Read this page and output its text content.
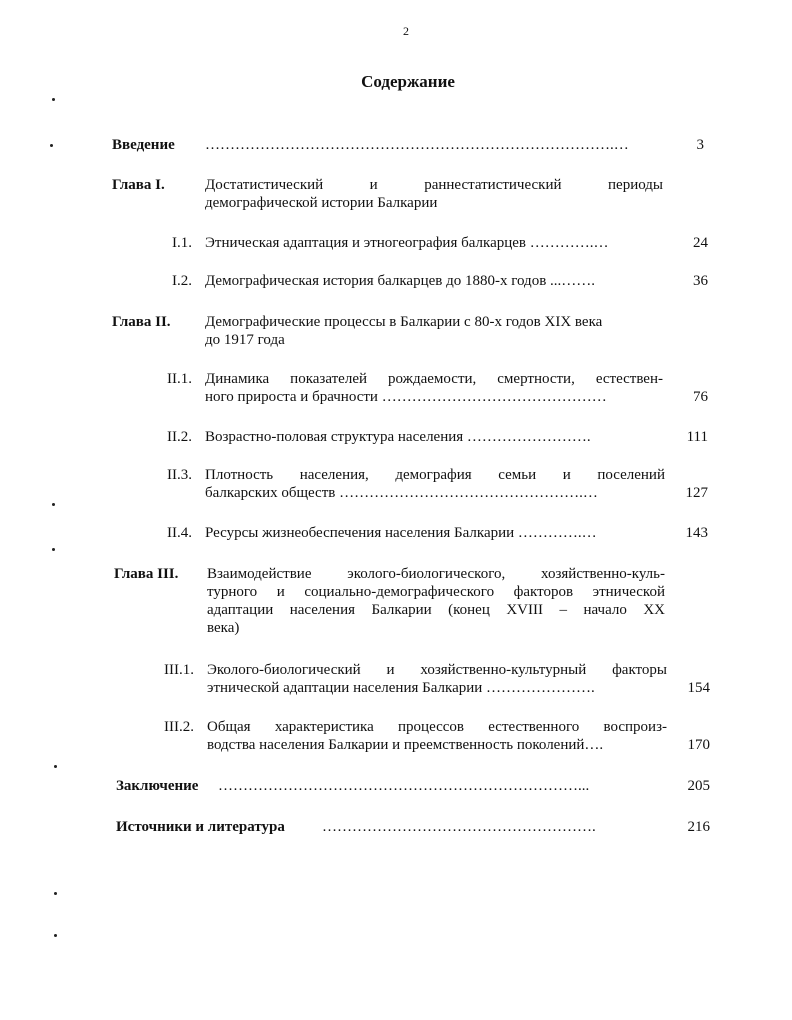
2
Содержание
Введение ……………………………………………………………………….…	3
Глава I.	Достатистический и раннестатистический периоды
демографической истории Балкарии
I.1. Этническая адаптация и этногеография балкарцев ………….…	24
I.2. Демографическая история балкарцев до 1880-х годов ...…….	36
Глава II. Демографические процессы в Балкарии с 80-х годов XIX века
до 1917 года
II.1. Динамика показателей рождаемости, смертности, естествен-
ного прироста и брачности ………………………………………	76
II.2. Возрастно-половая структура населения …………………….	111
II.3. Плотность населения, демография семьи и поселений
балкарских обществ ………………………………………….…	127
II.4. Ресурсы жизнеобеспечения населения Балкарии ………….…	143
Глава III. Взаимодействие эколого-биологического, хозяйственно-куль-
турного и социально-демографического факторов этнической
адаптации населения Балкарии (конец XVIII – начало XX
века)
III.1. Эколого-биологический и хозяйственно-культурный факторы
этнической адаптации населения Балкарии ………………….	154
III.2. Общая характеристика процессов естественного воспроиз-
водства населения Балкарии и преемственность поколений….	170
Заключение ………………………………………………………………...	205
Источники и литература ……………………………………………….	216
